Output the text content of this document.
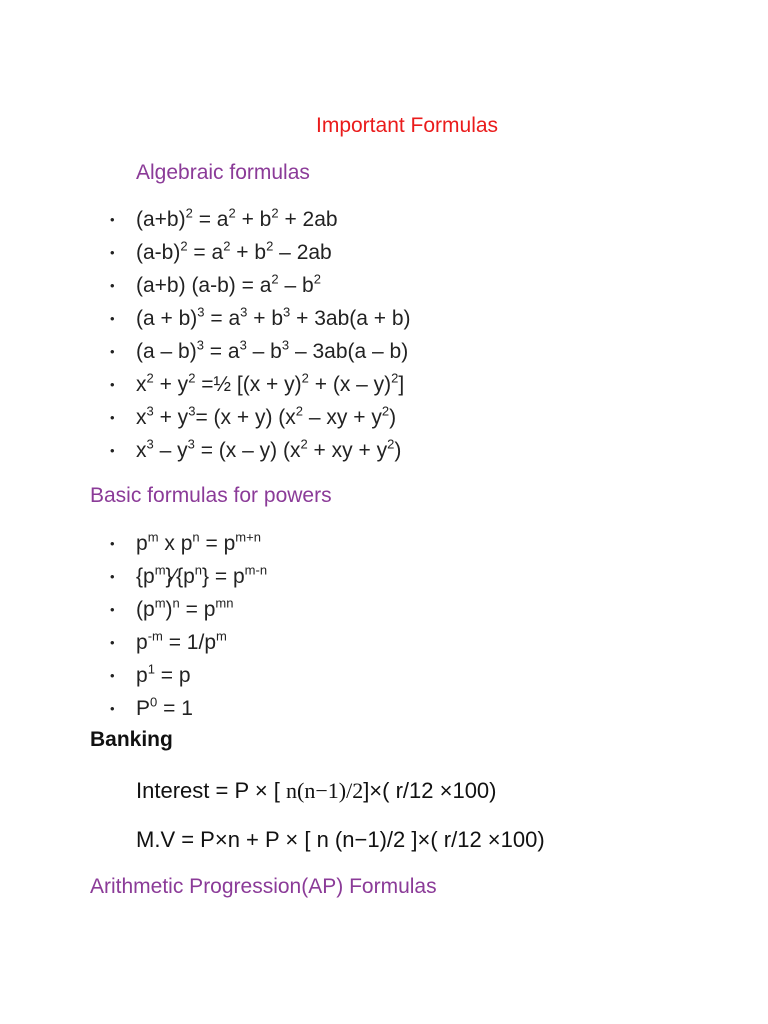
Important Formulas
Algebraic formulas
• $(a+b)^2 = a^2 + b^2 + 2ab$
• $(a-b)^2 = a^2 + b^2 - 2ab$
• (a+b) $(a-b) = a^2 - b^2$
• $(a + b)^3 = a^3 + b^3 + 3ab(a + b)$
• $(a - b)^3 = a^3 - b^3 - 3ab(a - b)$
• $x^2 + y^2$ =½ $[(x + y)^2 + (x - y)^2]$
• $x^3 + y^3= (x + y)$ ($x^2$ – xy + $y^2$)
• $x^3 - y^3 = (x - y) (x^2$ + xy + $y^2$)
Basic formulas for powers
• $p^m$ x $p^n = p^{m+n}$
• $\{p^m\}⁄\{p^n\} = p^{m-n}$
• $(p^m)^n = p^{mn}$
• $p^{-m} = 1/p^m$
• $p^1 = p$
• $P^0 = 1$
Banking

Interest = P × [ n(n−1)/2]×( r/12 ×100)

M.V = P×n + P × [ n (n−1)/2 ]×( r/12 ×100)

Arithmetic Progression(AP) Formulas
